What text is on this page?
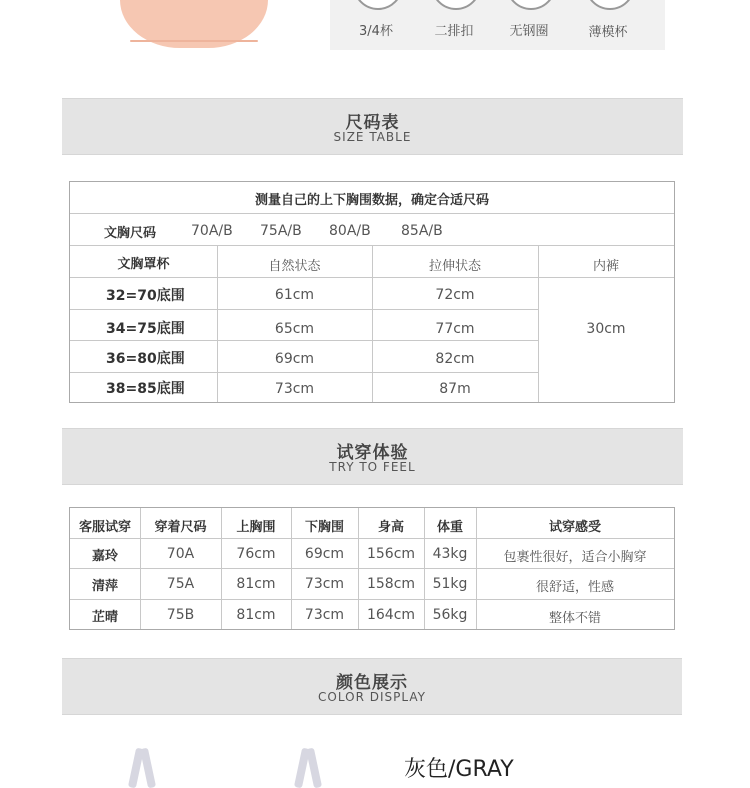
3/4杯	二排扣	无钢圈	薄模杯
尺码表
SIZE TABLE
测量自己的上下胸围数据，确定合适尺码
文胸尺码 70A/B 75A/B 80A/B 85A/B
文胸罩杯	自然状态	拉伸状态	内裤
32=70底围	61cm	72cm
34=75底围	65cm	77cm
36=80底围	69cm	82cm
38=85底围	73cm	87m
30cm
试穿体验
TRY TO FEEL
客服试穿	穿着尺码	上胸围	下胸围	身高	体重	试穿感受
嘉玲	70A	76cm	69cm	156cm	43kg	包裹性很好，适合小胸穿
清萍	75A	81cm	73cm	158cm	51kg	很舒适，性感
芷晴	75B	81cm	73cm	164cm	56kg	整体不错
颜色展示
COLOR DISPLAY
灰色/GRAY
